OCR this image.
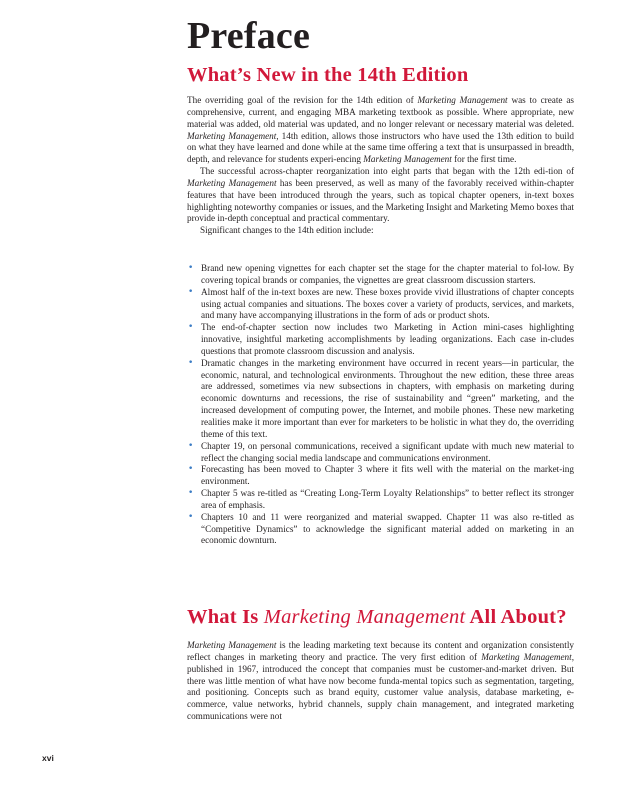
Preface
What’s New in the 14th Edition

The overriding goal of the revision for the 14th edition of Marketing Management was to create as comprehensive, current, and engaging MBA marketing textbook as possible. Where appropriate, new material was added, old material was updated, and no longer relevant or necessary material was deleted. Marketing Management, 14th edition, allows those instructors who have used the 13th edition to build on what they have learned and done while at the same time offering a text that is unsurpassed in breadth, depth, and relevance for students experi-encing Marketing Management for the first time.

The successful across-chapter reorganization into eight parts that began with the 12th edi-tion of Marketing Management has been preserved, as well as many of the favorably received within-chapter features that have been introduced through the years, such as topical chapter openers, in-text boxes highlighting noteworthy companies or issues, and the Marketing Insight and Marketing Memo boxes that provide in-depth conceptual and practical commentary.

Significant changes to the 14th edition include:

• Brand new opening vignettes for each chapter set the stage for the chapter material to fol-low. By covering topical brands or companies, the vignettes are great classroom discussion starters.
• Almost half of the in-text boxes are new. These boxes provide vivid illustrations of chapter concepts using actual companies and situations. The boxes cover a variety of products, services, and markets, and many have accompanying illustrations in the form of ads or product shots.
• The end-of-chapter section now includes two Marketing in Action mini-cases highlighting innovative, insightful marketing accomplishments by leading organizations. Each case in-cludes questions that promote classroom discussion and analysis.
• Dramatic changes in the marketing environment have occurred in recent years—in particular, the economic, natural, and technological environments. Throughout the new edition, these three areas are addressed, sometimes via new subsections in chapters, with emphasis on marketing during economic downturns and recessions, the rise of sustainability and “green” marketing, and the increased development of computing power, the Internet, and mobile phones. These new marketing realities make it more important than ever for marketers to be holistic in what they do, the overriding theme of this text.
• Chapter 19, on personal communications, received a significant update with much new material to reflect the changing social media landscape and communications environment.
• Forecasting has been moved to Chapter 3 where it fits well with the material on the market-ing environment.
• Chapter 5 was re-titled as “Creating Long-Term Loyalty Relationships” to better reflect its stronger area of emphasis.
• Chapters 10 and 11 were reorganized and material swapped. Chapter 11 was also re-titled as “Competitive Dynamics” to acknowledge the significant material added on marketing in an economic downturn.
What Is Marketing Management All About?

Marketing Management is the leading marketing text because its content and organization consistently reflect changes in marketing theory and practice. The very first edition of Marketing Management, published in 1967, introduced the concept that companies must be customer-and-market driven. But there was little mention of what have now become funda-mental topics such as segmentation, targeting, and positioning. Concepts such as brand equity, customer value analysis, database marketing, e-commerce, value networks, hybrid channels, supply chain management, and integrated marketing communications were not

xvi
